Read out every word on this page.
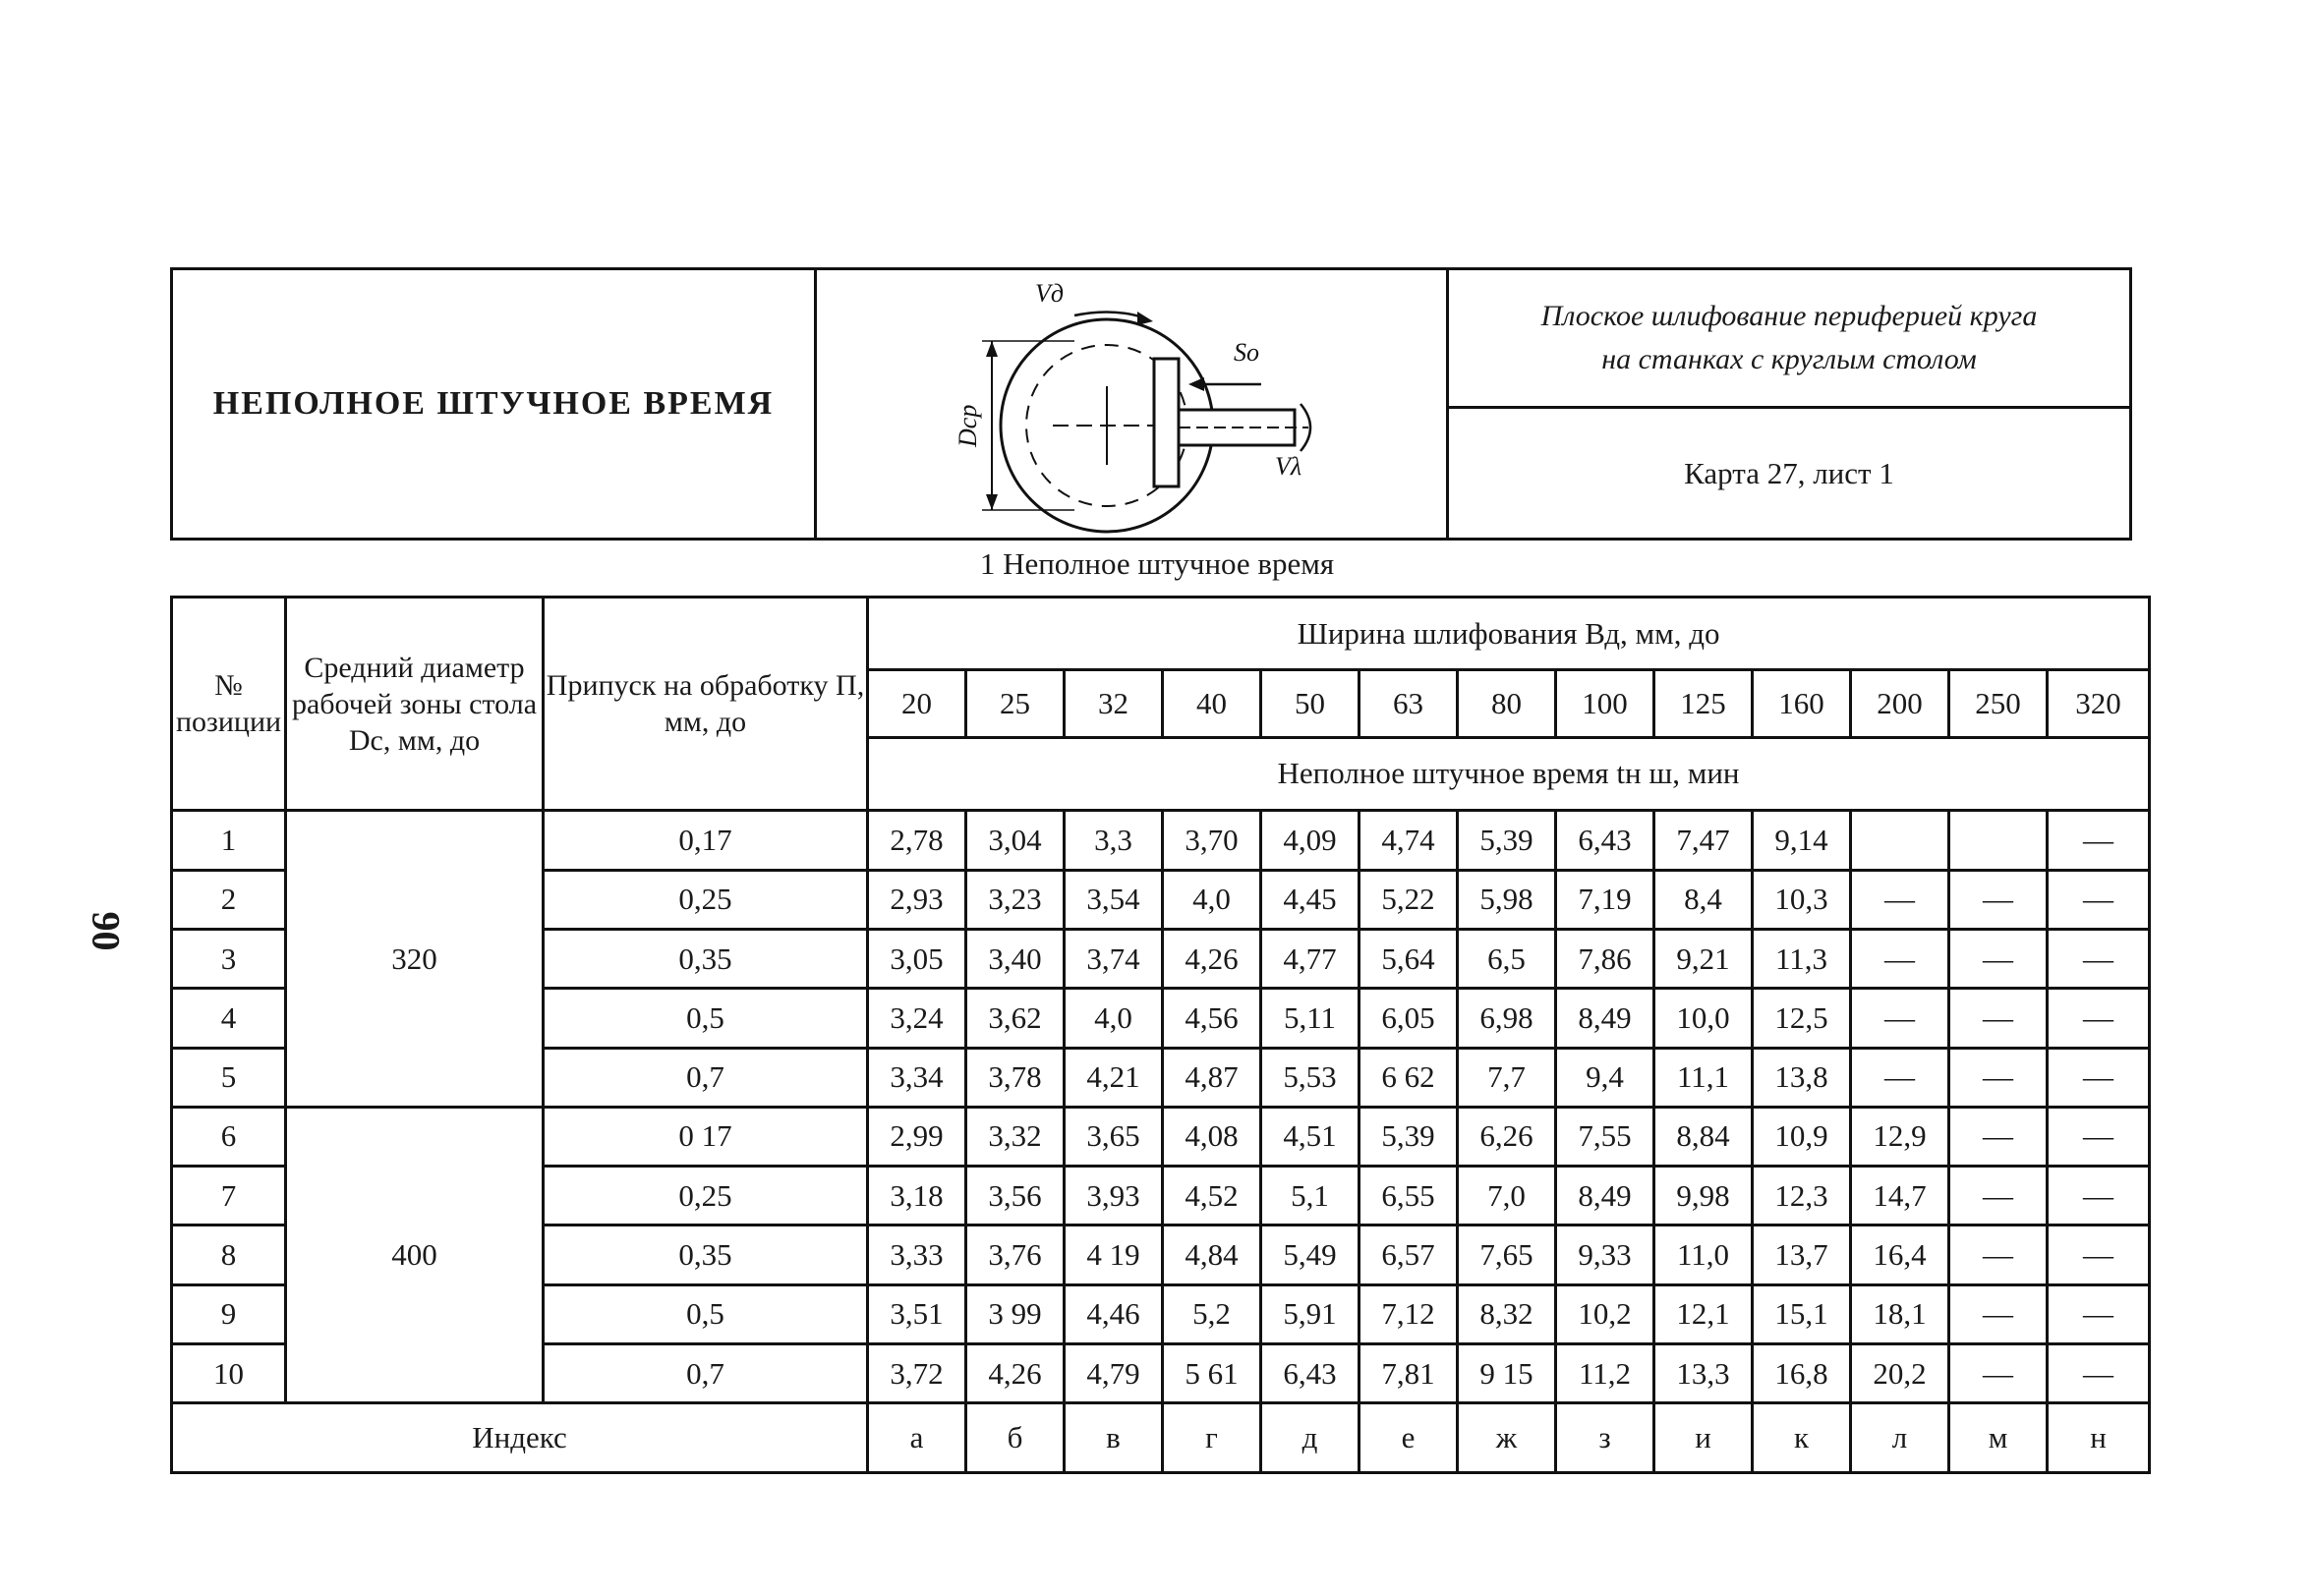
90
НЕПОЛНОЕ ШТУЧНОЕ ВРЕМЯ
Vд
Sо
Vλ
Dср
Плоское шлифование периферией круга
на станках с круглым столом
Карта 27, лист 1
1 Неполное штучное время
№ позиции	Средний диаметр рабочей зоны стола Dc, мм, до	Припуск на обработку П, мм, до	Ширина шлифования Вд, мм, до												
			20	25	32	40	50	63	80	100	125	160	200	250	320
			Неполное штучное время tн ш, мин												
1	320	0,17	2,78	3,04	3,3	3,70	4,09	4,74	5,39	6,43	7,47	9,14			—
2		0,25	2,93	3,23	3,54	4,0	4,45	5,22	5,98	7,19	8,4	10,3	—	—	—
3		0,35	3,05	3,40	3,74	4,26	4,77	5,64	6,5	7,86	9,21	11,3	—	—	—
4		0,5	3,24	3,62	4,0	4,56	5,11	6,05	6,98	8,49	10,0	12,5	—	—	—
5		0,7	3,34	3,78	4,21	4,87	5,53	6 62	7,7	9,4	11,1	13,8	—	—	—
6	400	0 17	2,99	3,32	3,65	4,08	4,51	5,39	6,26	7,55	8,84	10,9	12,9	—	—
7		0,25	3,18	3,56	3,93	4,52	5,1	6,55	7,0	8,49	9,98	12,3	14,7	—	—
8		0,35	3,33	3,76	4 19	4,84	5,49	6,57	7,65	9,33	11,0	13,7	16,4	—	—
9		0,5	3,51	3 99	4,46	5,2	5,91	7,12	8,32	10,2	12,1	15,1	18,1	—	—
10		0,7	3,72	4,26	4,79	5 61	6,43	7,81	9 15	11,2	13,3	16,8	20,2	—	—
Индекс			а	б	в	г	д	е	ж	з	и	к	л	м	н
